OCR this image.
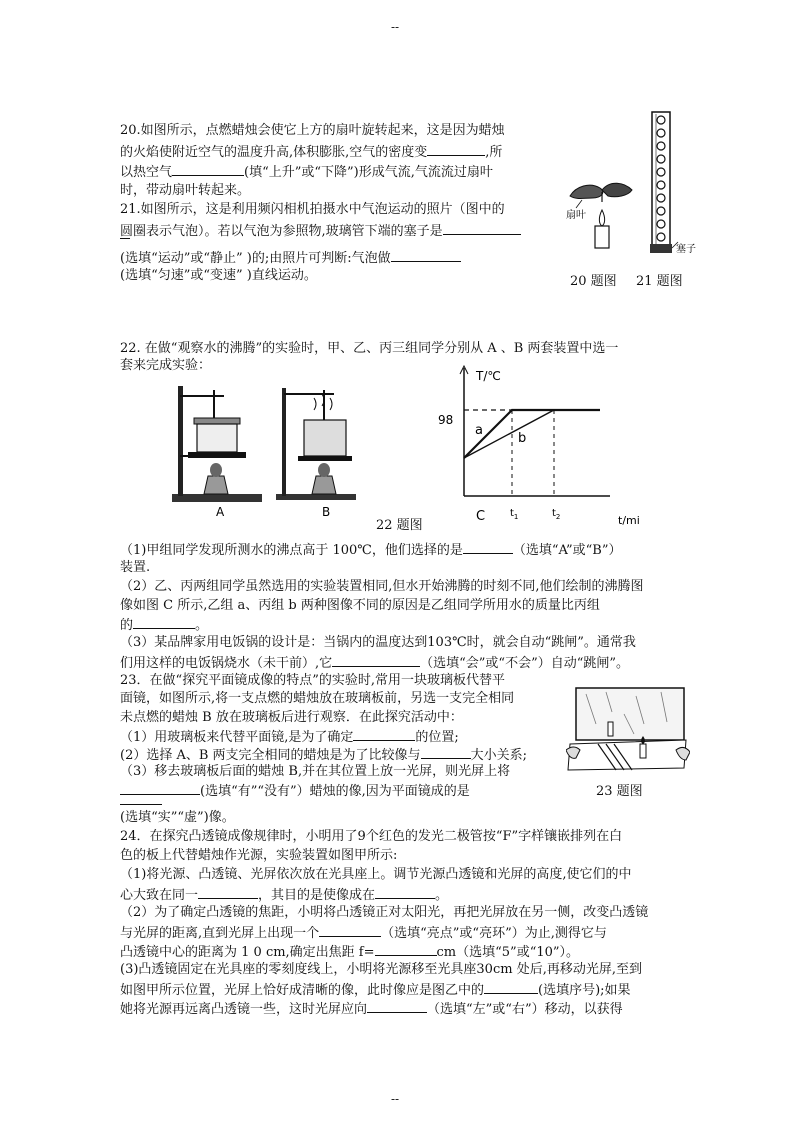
--
--
20.如图所示，点燃蜡烛会使它上方的扇叶旋转起来，这是因为蜡烛
的火焰使附近空气的温度升高,体积膨胀,空气的密度变	,所
以热空气	(填“上升”或“下降”)形成气流,气流流过扇叶
时，带动扇叶转起来。
21.如图所示，这是利用频闪相机拍摄水中气泡运动的照片（图中的
圆圈表示气泡）。若以气泡为参照物,玻璃管下端的塞子是
(选填“运动”或“静止” )的;由照片可判断:气泡做
(选填“匀速”或“变速” )直线运动。
扇叶
塞子
20 题图 21 题图
22. 在做“观察水的沸腾”的实验时，甲、乙、丙三组同学分别从 A 、B 两套装置中选一
套来完成实验：
A	B
T/℃
98
C	t/mi
$t_1$	$t_2$
a
b
22 题图
（1)甲组同学发现所测水的沸点高于 100℃，他们选择的是	（选填“A”或“B”）
装置.
（2）乙、丙两组同学虽然选用的实验装置相同,但水开始沸腾的时刻不同,他们绘制的沸腾图
像如图 C 所示,乙组 a、丙组 b 两种图像不同的原因是乙组同学所用水的质量比丙组
的	。
（3）某品牌家用电饭锅的设计是：当锅内的温度达到103℃时，就会自动“跳闸”。通常我
们用这样的电饭锅烧水（未干前）,它	（选填“会”或“不会”）自动“跳闸”。
23．在做“探究平面镜成像的特点”的实验时,常用一块玻璃板代替平
面镜，如图所示,将一支点燃的蜡烛放在玻璃板前，另选一支完全相同
未点燃的蜡烛 B 放在玻璃板后进行观察．在此探究活动中：
（1）用玻璃板来代替平面镜,是为了确定	的位置;
(2）选择 A、B 两支完全相同的蜡烛是为了比较像与	大小关系;
（3）移去玻璃板后面的蜡烛 B,并在其位置上放一光屏，则光屏上将
(选填“有”“没有”）蜡烛的像,因为平面镜成的是
(选填“实”“虚”)像。
23 题图
24．在探究凸透镜成像规律时，小明用了9个红色的发光二极管按“F”字样镶嵌排列在白
色的板上代替蜡烛作光源，实验装置如图甲所示:
（1)将光源、凸透镜、光屏依次放在光具座上。调节光源凸透镜和光屏的高度,使它们的中
心大致在同一	，其目的是使像成在	。
（2）为了确定凸透镜的焦距，小明将凸透镜正对太阳光，再把光屏放在另一侧，改变凸透镜
与光屏的距离,直到光屏上出现一个	（选填“亮点”或“亮环”）为止,测得它与
凸透镜中心的距离为 1 0 cm,确定出焦距 f=	cm（选填“5”或“10”）。
(3)凸透镜固定在光具座的零刻度线上，小明将光源移至光具座30cm 处后,再移动光屏,至到
如图甲所示位置，光屏上恰好成清晰的像，此时像应是图乙中的	(选填序号);如果
她将光源再远离凸透镜一些，这时光屏应向	（选填“左”或“右”）移动，以获得
